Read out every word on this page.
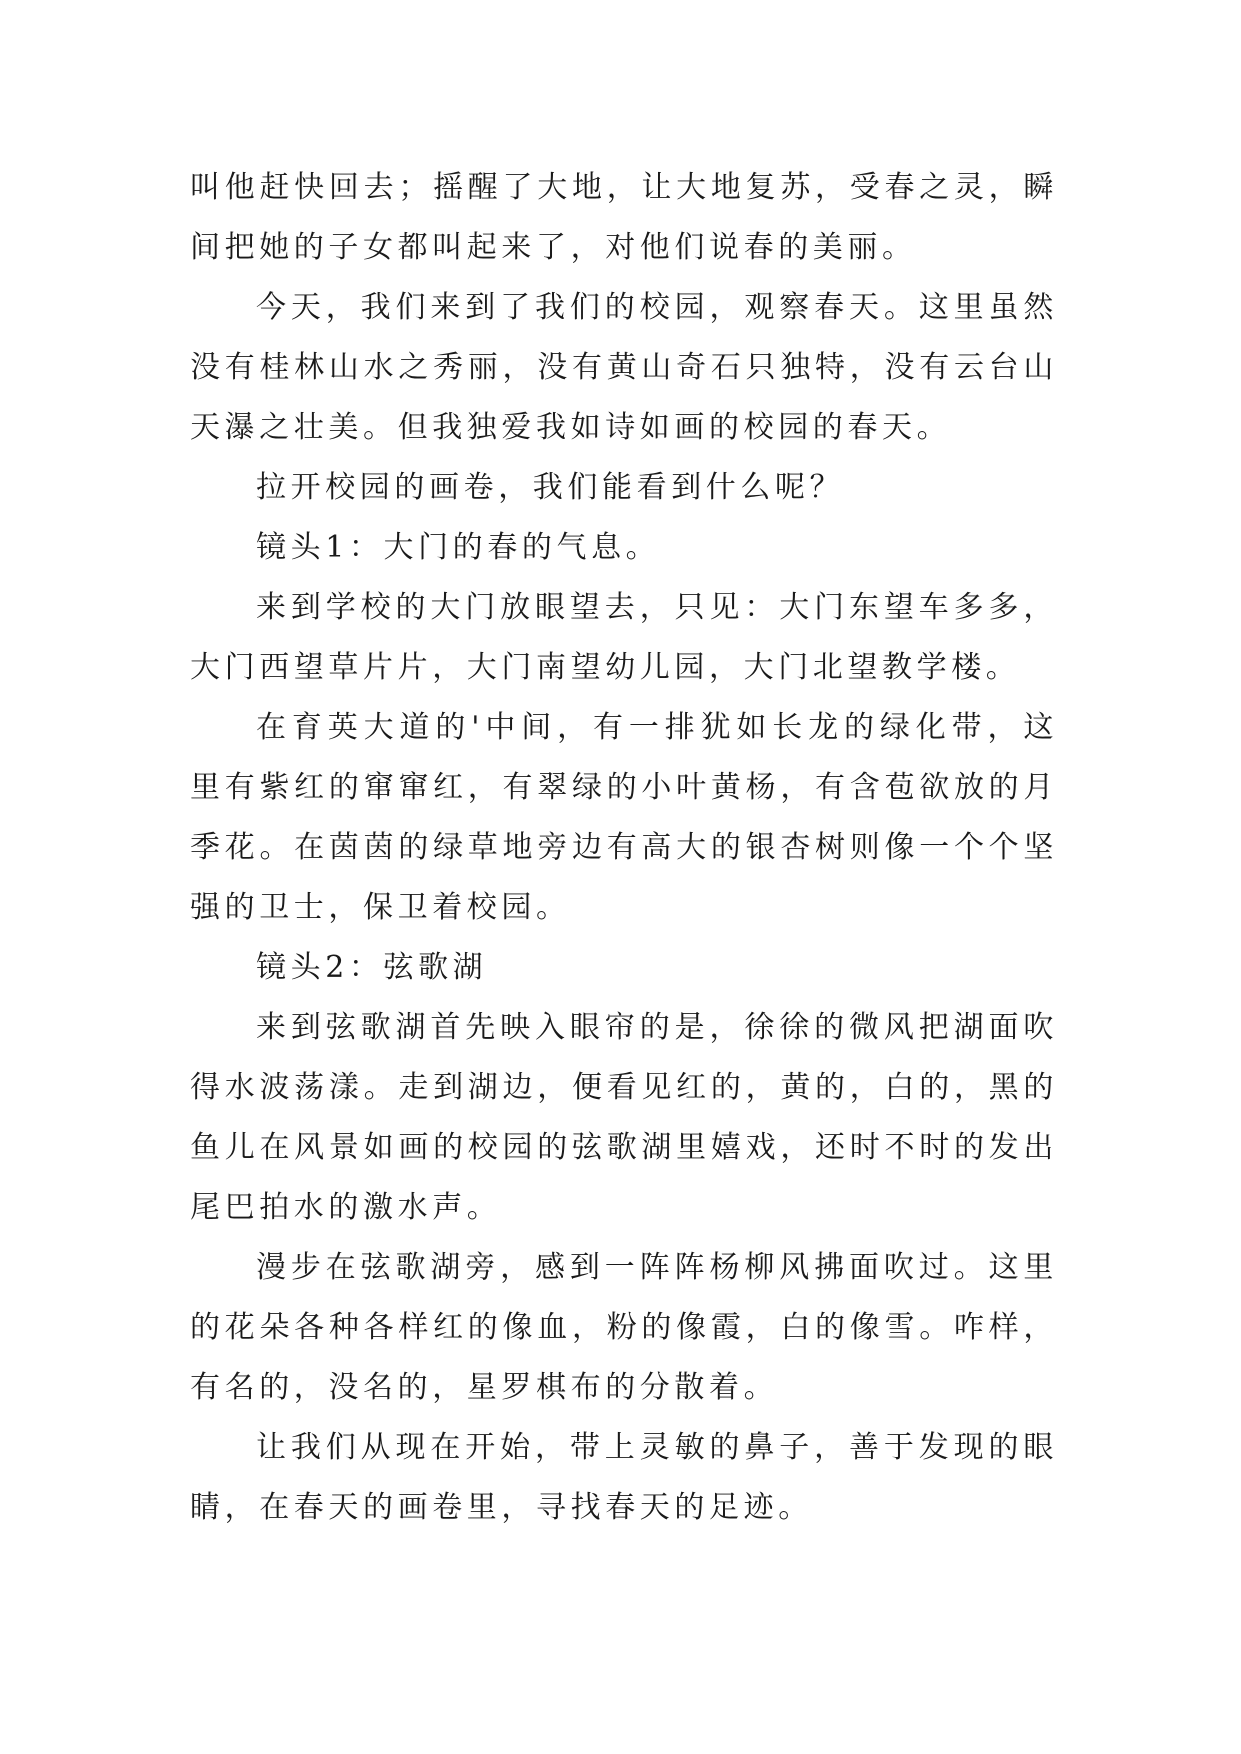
叫他赶快回去；摇醒了大地，让大地复苏，受春之灵，瞬间把她的子女都叫起来了，对他们说春的美丽。

今天，我们来到了我们的校园，观察春天。这里虽然没有桂林山水之秀丽，没有黄山奇石只独特，没有云台山天瀑之壮美。但我独爱我如诗如画的校园的春天。

拉开校园的画卷，我们能看到什么呢？

镜头1：大门的春的气息。

来到学校的大门放眼望去，只见：大门东望车多多，大门西望草片片，大门南望幼儿园，大门北望教学楼。

在育英大道的'中间，有一排犹如长龙的绿化带，这里有紫红的窜窜红，有翠绿的小叶黄杨，有含苞欲放的月季花。在茵茵的绿草地旁边有高大的银杏树则像一个个坚强的卫士，保卫着校园。

镜头2：弦歌湖

来到弦歌湖首先映入眼帘的是，徐徐的微风把湖面吹得水波荡漾。走到湖边，便看见红的，黄的，白的，黑的鱼儿在风景如画的校园的弦歌湖里嬉戏，还时不时的发出尾巴拍水的激水声。

漫步在弦歌湖旁，感到一阵阵杨柳风拂面吹过。这里的花朵各种各样红的像血，粉的像霞，白的像雪。咋样，有名的，没名的，星罗棋布的分散着。

让我们从现在开始，带上灵敏的鼻子，善于发现的眼睛，在春天的画卷里，寻找春天的足迹。
